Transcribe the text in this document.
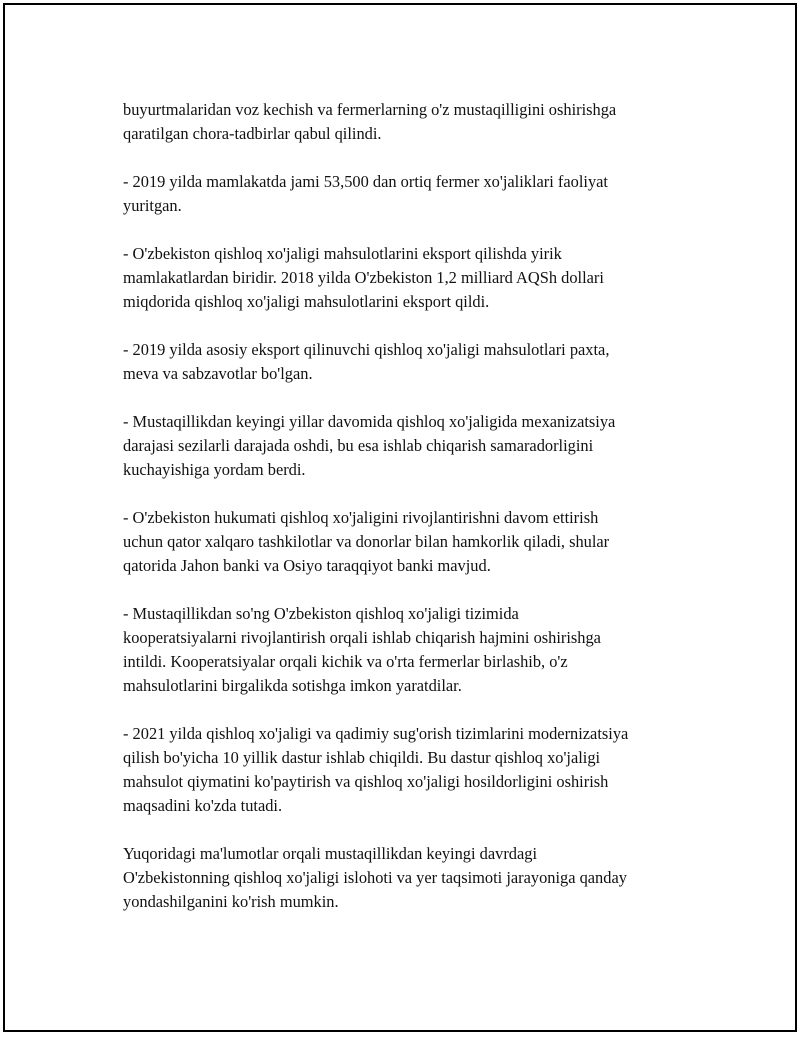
buyurtmalaridan voz kechish va fermerlarning o'z mustaqilligini oshirishga
qaratilgan chora-tadbirlar qabul qilindi.

- 2019 yilda mamlakatda jami 53,500 dan ortiq fermer xo'jaliklari faoliyat
yuritgan.

- O'zbekiston qishloq xo'jaligi mahsulotlarini eksport qilishda yirik
mamlakatlardan biridir. 2018 yilda O'zbekiston 1,2 milliard AQSh dollari
miqdorida qishloq xo'jaligi mahsulotlarini eksport qildi.

- 2019 yilda asosiy eksport qilinuvchi qishloq xo'jaligi mahsulotlari paxta,
meva va sabzavotlar bo'lgan.

- Mustaqillikdan keyingi yillar davomida qishloq xo'jaligida mexanizatsiya
darajasi sezilarli darajada oshdi, bu esa ishlab chiqarish samaradorligini
kuchayishiga yordam berdi.

- O'zbekiston hukumati qishloq xo'jaligini rivojlantirishni davom ettirish
uchun qator xalqaro tashkilotlar va donorlar bilan hamkorlik qiladi, shular
qatorida Jahon banki va Osiyo taraqqiyot banki mavjud.

- Mustaqillikdan so'ng O'zbekiston qishloq xo'jaligi tizimida
kooperatsiyalarni rivojlantirish orqali ishlab chiqarish hajmini oshirishga
intildi. Kooperatsiyalar orqali kichik va o'rta fermerlar birlashib, o'z
mahsulotlarini birgalikda sotishga imkon yaratdilar.

- 2021 yilda qishloq xo'jaligi va qadimiy sug'orish tizimlarini modernizatsiya
qilish bo'yicha 10 yillik dastur ishlab chiqildi. Bu dastur qishloq xo'jaligi
mahsulot qiymatini ko'paytirish va qishloq xo'jaligi hosildorligini oshirish
maqsadini ko'zda tutadi.

Yuqoridagi ma'lumotlar orqali mustaqillikdan keyingi davrdagi
O'zbekistonning qishloq xo'jaligi islohoti va yer taqsimoti jarayoniga qanday
yondashilganini ko'rish mumkin.
